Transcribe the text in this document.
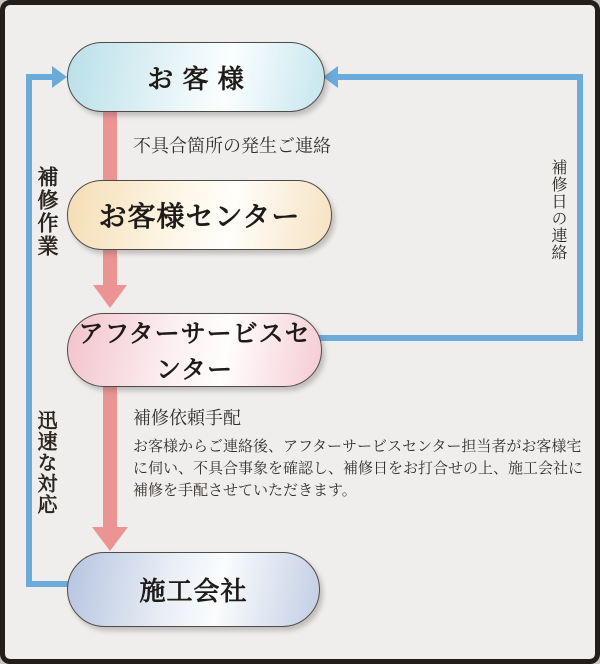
お 客 様
お客様センター
アフターサービスセンター
施工会社
不具合箇所の発生ご連絡
補修依頼手配
お客様からご連絡後、アフターサービスセンター担当者がお客様宅に伺い、不具合事象を確認し、補修日をお打合せの上、施工会社に補修を手配させていただきます。
補修作業
迅速な対応
補修日の連絡
